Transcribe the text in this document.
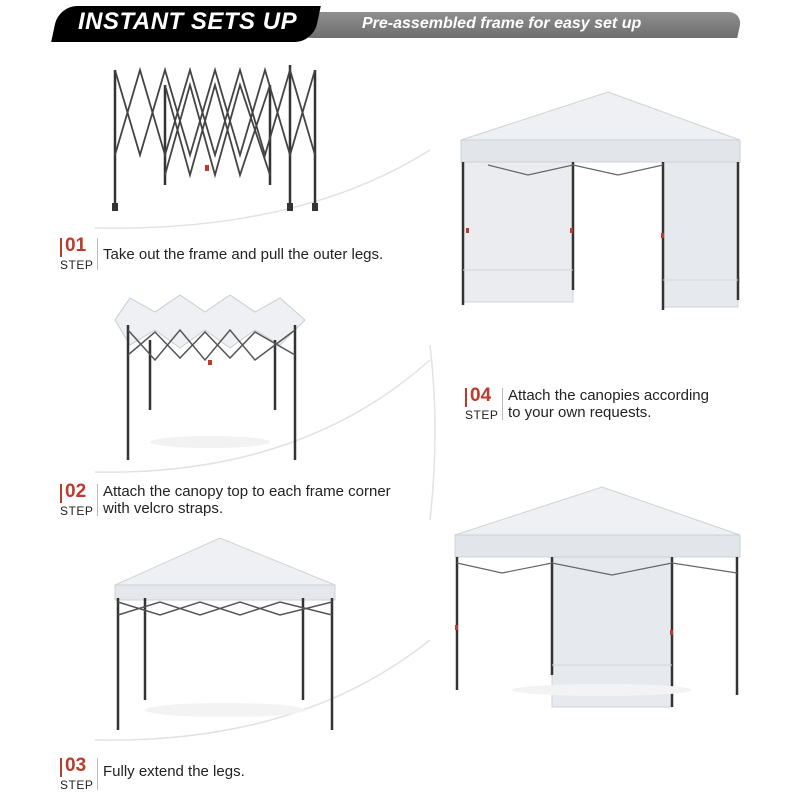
INSTANT SETS UP	Pre-assembled frame for easy set up
01
STEP
Take out the frame and pull the outer legs.
02
STEP
Attach the canopy top to each frame corner
with velcro straps.
03
STEP
Fully extend the legs.
04
STEP
Attach the canopies according
to your own requests.
